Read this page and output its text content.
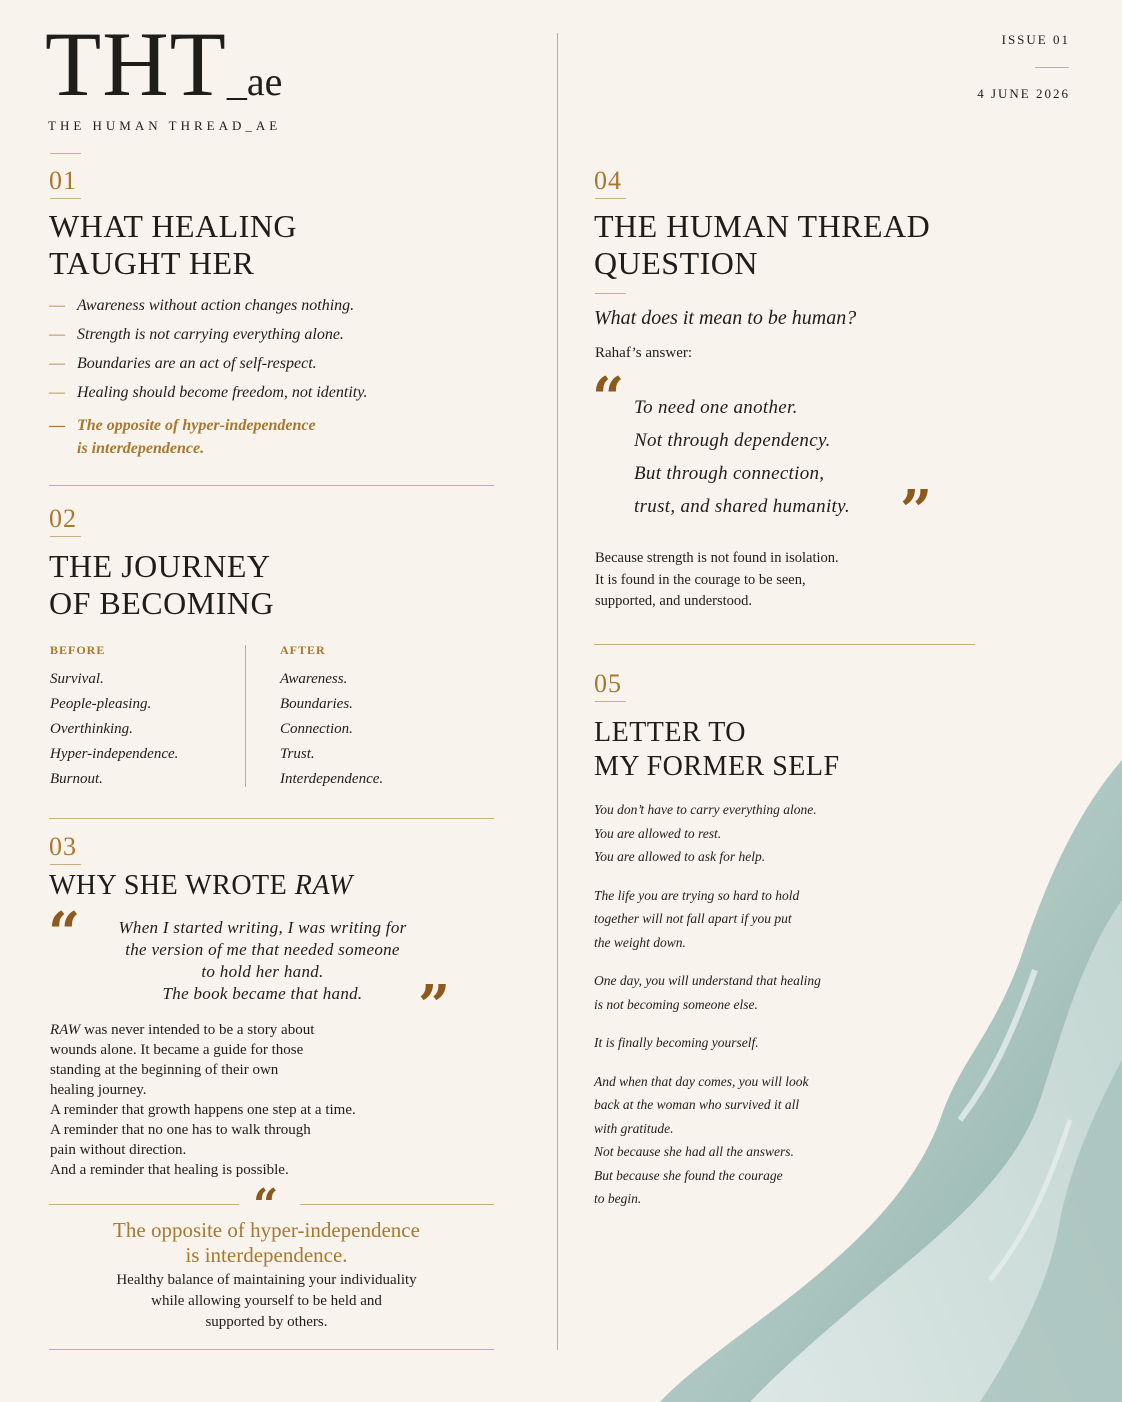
THT_ae
THE HUMAN THREAD_AE
ISSUE 01
4 JUNE 2026
01
WHAT HEALING
TAUGHT HER
— Awareness without action changes nothing.
— Strength is not carrying everything alone.
— Boundaries are an act of self-respect.
— Healing should become freedom, not identity.
— The opposite of hyper-independence
is interdependence.
02
THE JOURNEY
OF BECOMING
BEFORE	AFTER
Survival.
People-pleasing.
Overthinking.
Hyper-independence.
Burnout.
Awareness.
Boundaries.
Connection.
Trust.
Interdependence.
03
WHY SHE WROTE RAW
“	When I started writing, I was writing for
the version of me that needed someone
to hold her hand.
The book became that hand. ”
RAW was never intended to be a story about
wounds alone. It became a guide for those
standing at the beginning of their own
healing journey.
A reminder that growth happens one step at a time.
A reminder that no one has to walk through
pain without direction.
And a reminder that healing is possible.
“
The opposite of hyper-independence
is interdependence.
Healthy balance of maintaining your individuality
while allowing yourself to be held and
supported by others.
04
THE HUMAN THREAD
QUESTION
What does it mean to be human?
Rahaf’s answer:
“ To need one another.
Not through dependency.
But through connection,
trust, and shared humanity. ”
Because strength is not found in isolation.
It is found in the courage to be seen,
supported, and understood.
05
LETTER TO
MY FORMER SELF

You don’t have to carry everything alone.
You are allowed to rest.
You are allowed to ask for help.

The life you are trying so hard to hold
together will not fall apart if you put
the weight down.

One day, you will understand that healing
is not becoming someone else.

It is finally becoming yourself.

And when that day comes, you will look
back at the woman who survived it all
with gratitude.
Not because she had all the answers.
But because she found the courage
to begin.
